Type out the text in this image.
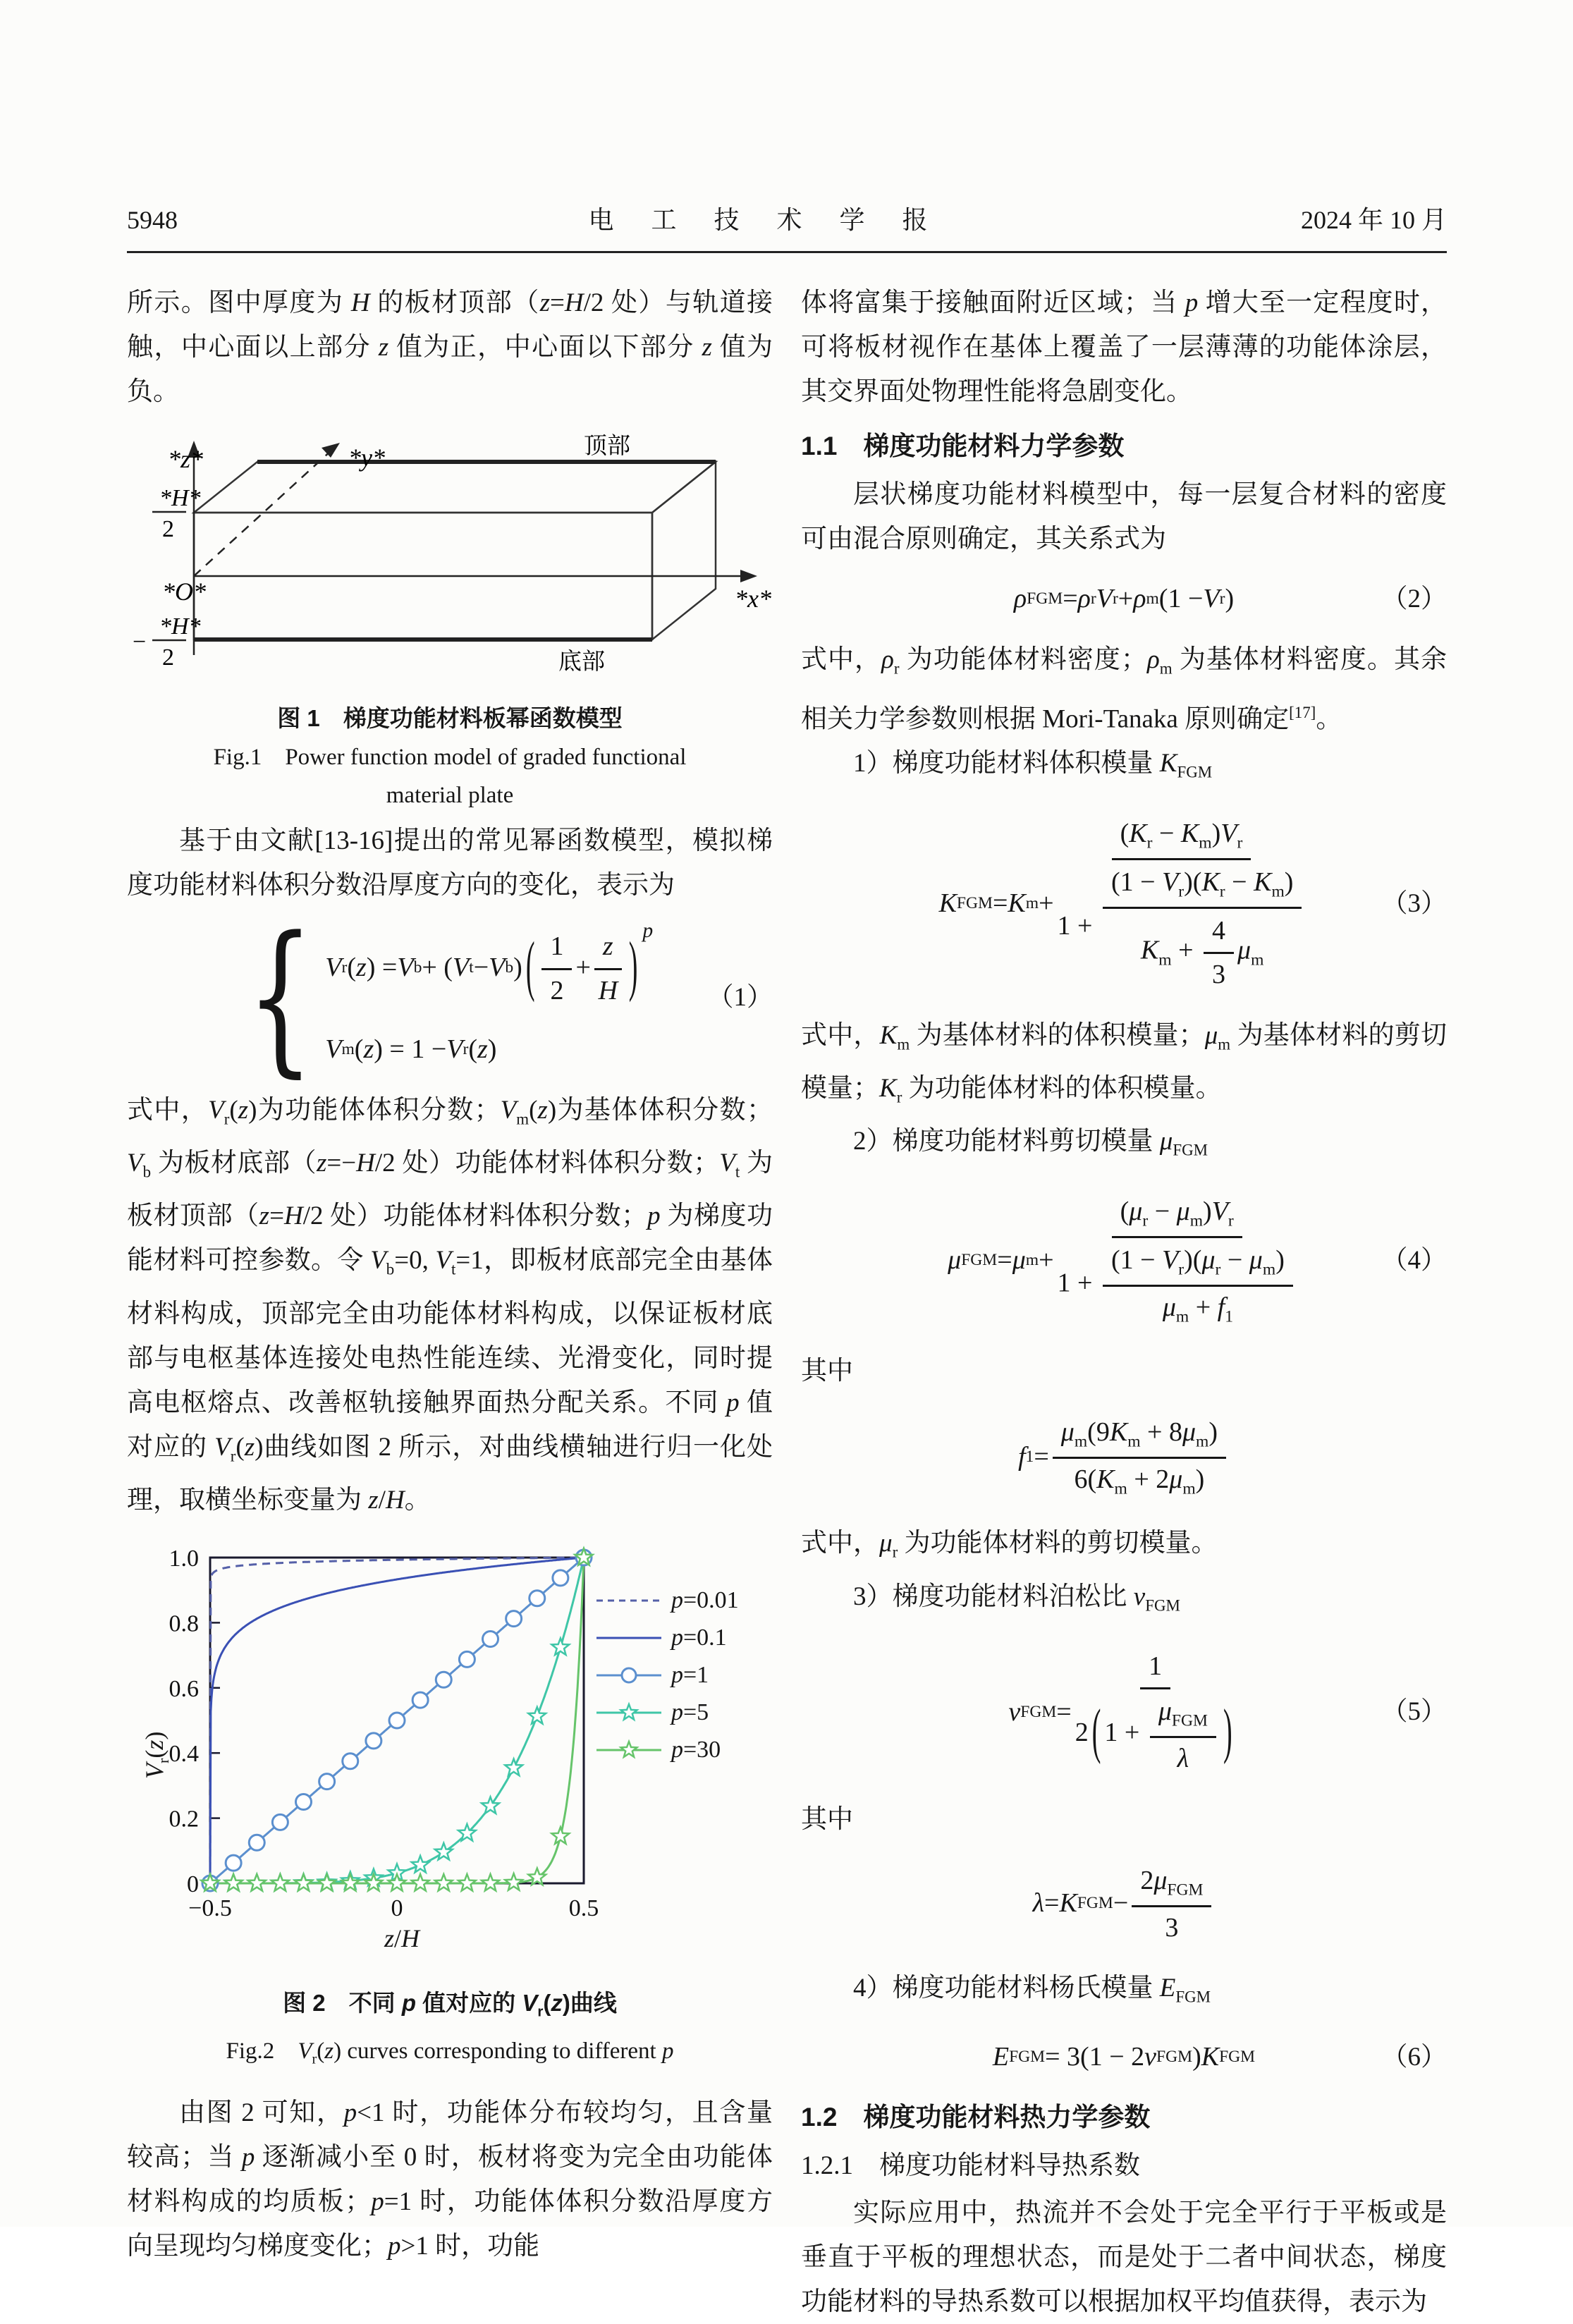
5948	电 工 技 术 学 报	2024 年 10 月

所示。图中厚度为 H 的板材顶部（z=H/2 处）与轨道接触，中心面以上部分 z 值为正，中心面以下部分 z 值为负。

*z*	*y*
*x*
*O*
顶部
底部
*H*
2
−
*H*
2
图 1　梯度功能材料板幂函数模型
Fig.1　Power function model of graded functional
material plate

基于由文献[13-16]提出的常见幂函数模型，模拟梯度功能材料体积分数沿厚度方向的变化，表示为

{ V r ( z ) = V b + ( V t − V b ) ( $\frac{1}{2} + \frac{z}{H}$ ) p
V m ( z ) = 1 − V r ( z )
（1）

式中，$V_r(z)$为功能体体积分数；$V_m(z)$为基体体积分数；$V_b$ 为板材底部（z=−H/2 处）功能体材料体积分数；$V_t$ 为板材顶部（z=H/2 处）功能体材料体积分数；p 为梯度功能材料可控参数。令 $V_b=0$, $V_t=1$，即板材底部完全由基体材料构成，顶部完全由功能体材料构成，以保证板材底部与电枢基体连接处电热性能连续、光滑变化，同时提高电枢熔点、改善枢轨接触界面热分配关系。不同 p 值对应的 $V_r(z)$曲线如图 2 所示，对曲线横轴进行归一化处理，取横坐标变量为 z/H。

0
0.2
0.4
0.6
0.8
1.0
−0.5	0	0.5
$V_r(z)$
z/H
p=0.01
p=0.1
p=1
p=5
p=30
图 2　不同 p 值对应的 $V_r(z)$曲线
Fig.2　$V_r(z)$ curves corresponding to different p

由图 2 可知，p<1 时，功能体分布较均匀，且含量较高；当 p 逐渐减小至 0 时，板材将变为完全由功能体材料构成的均质板；p=1 时，功能体体积分数沿厚度方向呈现均匀梯度变化；p>1 时，功能

体将富集于接触面附近区域；当 p 增大至一定程度时，可将板材视作在基体上覆盖了一层薄薄的功能体涂层，其交界面处物理性能将急剧变化。

1.1　梯度功能材料力学参数

层状梯度功能材料模型中，每一层复合材料的密度可由混合原则确定，其关系式为

ρ FGM = ρ r V r + ρ m (1 − V r )	（2）

式中，$\rho_r$ 为功能体材料密度；$\rho_m$ 为基体材料密度。其余相关力学参数则根据 Mori-Tanaka 原则确定[17]。

1）梯度功能材料体积模量 $K_{FGM}$

K FGM = K $m + \frac{(K_r - K_m)V_r}{1 + \frac{(1 - V_r)(K_r - K_m)}{K_m + \frac{4}{3} \mu_m}}$	（3）

式中，$K_m$ 为基体材料的体积模量；$\mu_m$ 为基体材料的剪切模量；$K_r$ 为功能体材料的体积模量。

2）梯度功能材料剪切模量 $\mu_{FGM}$

μ FGM = μ $m + \frac{(\mu_r - \mu_m)V_r}{1 + \frac{(1 - V_r)(\mu_r - \mu_m)}{\mu_m + f_1}}$	（4）

其中

f $1 = \frac{\mu_m(9K_m + 8\mu_m)}{6(K_m + 2\mu_m)}$

式中，$\mu_r$ 为功能体材料的剪切模量。

3）梯度功能材料泊松比 $\nu_{FGM}$

ν FGM = $\frac{1}{2 ( 1 + \frac{\mu_{FGM}}{\lambda} )}$	（5）

其中

λ = K FGM − $\frac{2\mu_{FGM}}{3}$

4）梯度功能材料杨氏模量 $E_{FGM}$

E FGM = 3(1 − 2 ν FGM ) K FGM	（6）

1.2　梯度功能材料热力学参数

1.2.1　梯度功能材料导热系数

实际应用中，热流并不会处于完全平行于平板或是垂直于平板的理想状态，而是处于二者中间状态，梯度功能材料的导热系数可以根据加权平均值获得，表示为
